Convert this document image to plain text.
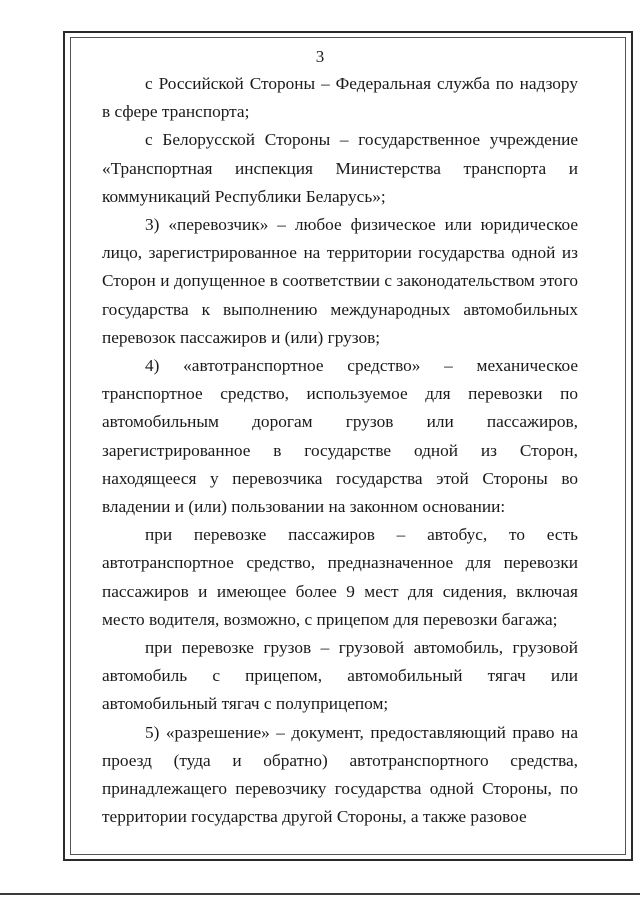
3

с Российской Стороны – Федеральная служба по надзору в сфере транспорта;

с Белорусской Стороны – государственное учреждение «Транспортная инспекция Министерства транспорта и коммуникаций Республики Беларусь»;

3) «перевозчик» – любое физическое или юридическое лицо, зарегистрированное на территории государства одной из Сторон и допущенное в соответствии с законодательством этого государства к выполнению международных автомобильных перевозок пассажиров и (или) грузов;

4) «автотранспортное средство» – механическое транспортное средство, используемое для перевозки по автомобильным дорогам грузов или пассажиров, зарегистрированное в государстве одной из Сторон, находящееся у перевозчика государства этой Стороны во владении и (или) пользовании на законном основании:

при перевозке пассажиров – автобус, то есть автотранспортное средство, предназначенное для перевозки пассажиров и имеющее более 9 мест для сидения, включая место водителя, возможно, с прицепом для перевозки багажа;

при перевозке грузов – грузовой автомобиль, грузовой автомобиль с прицепом, автомобильный тягач или автомобильный тягач с полуприцепом;

5) «разрешение» – документ, предоставляющий право на проезд (туда и обратно) автотранспортного средства, принадлежащего перевозчику государства одной Стороны, по территории государства другой Стороны, а также разовое
